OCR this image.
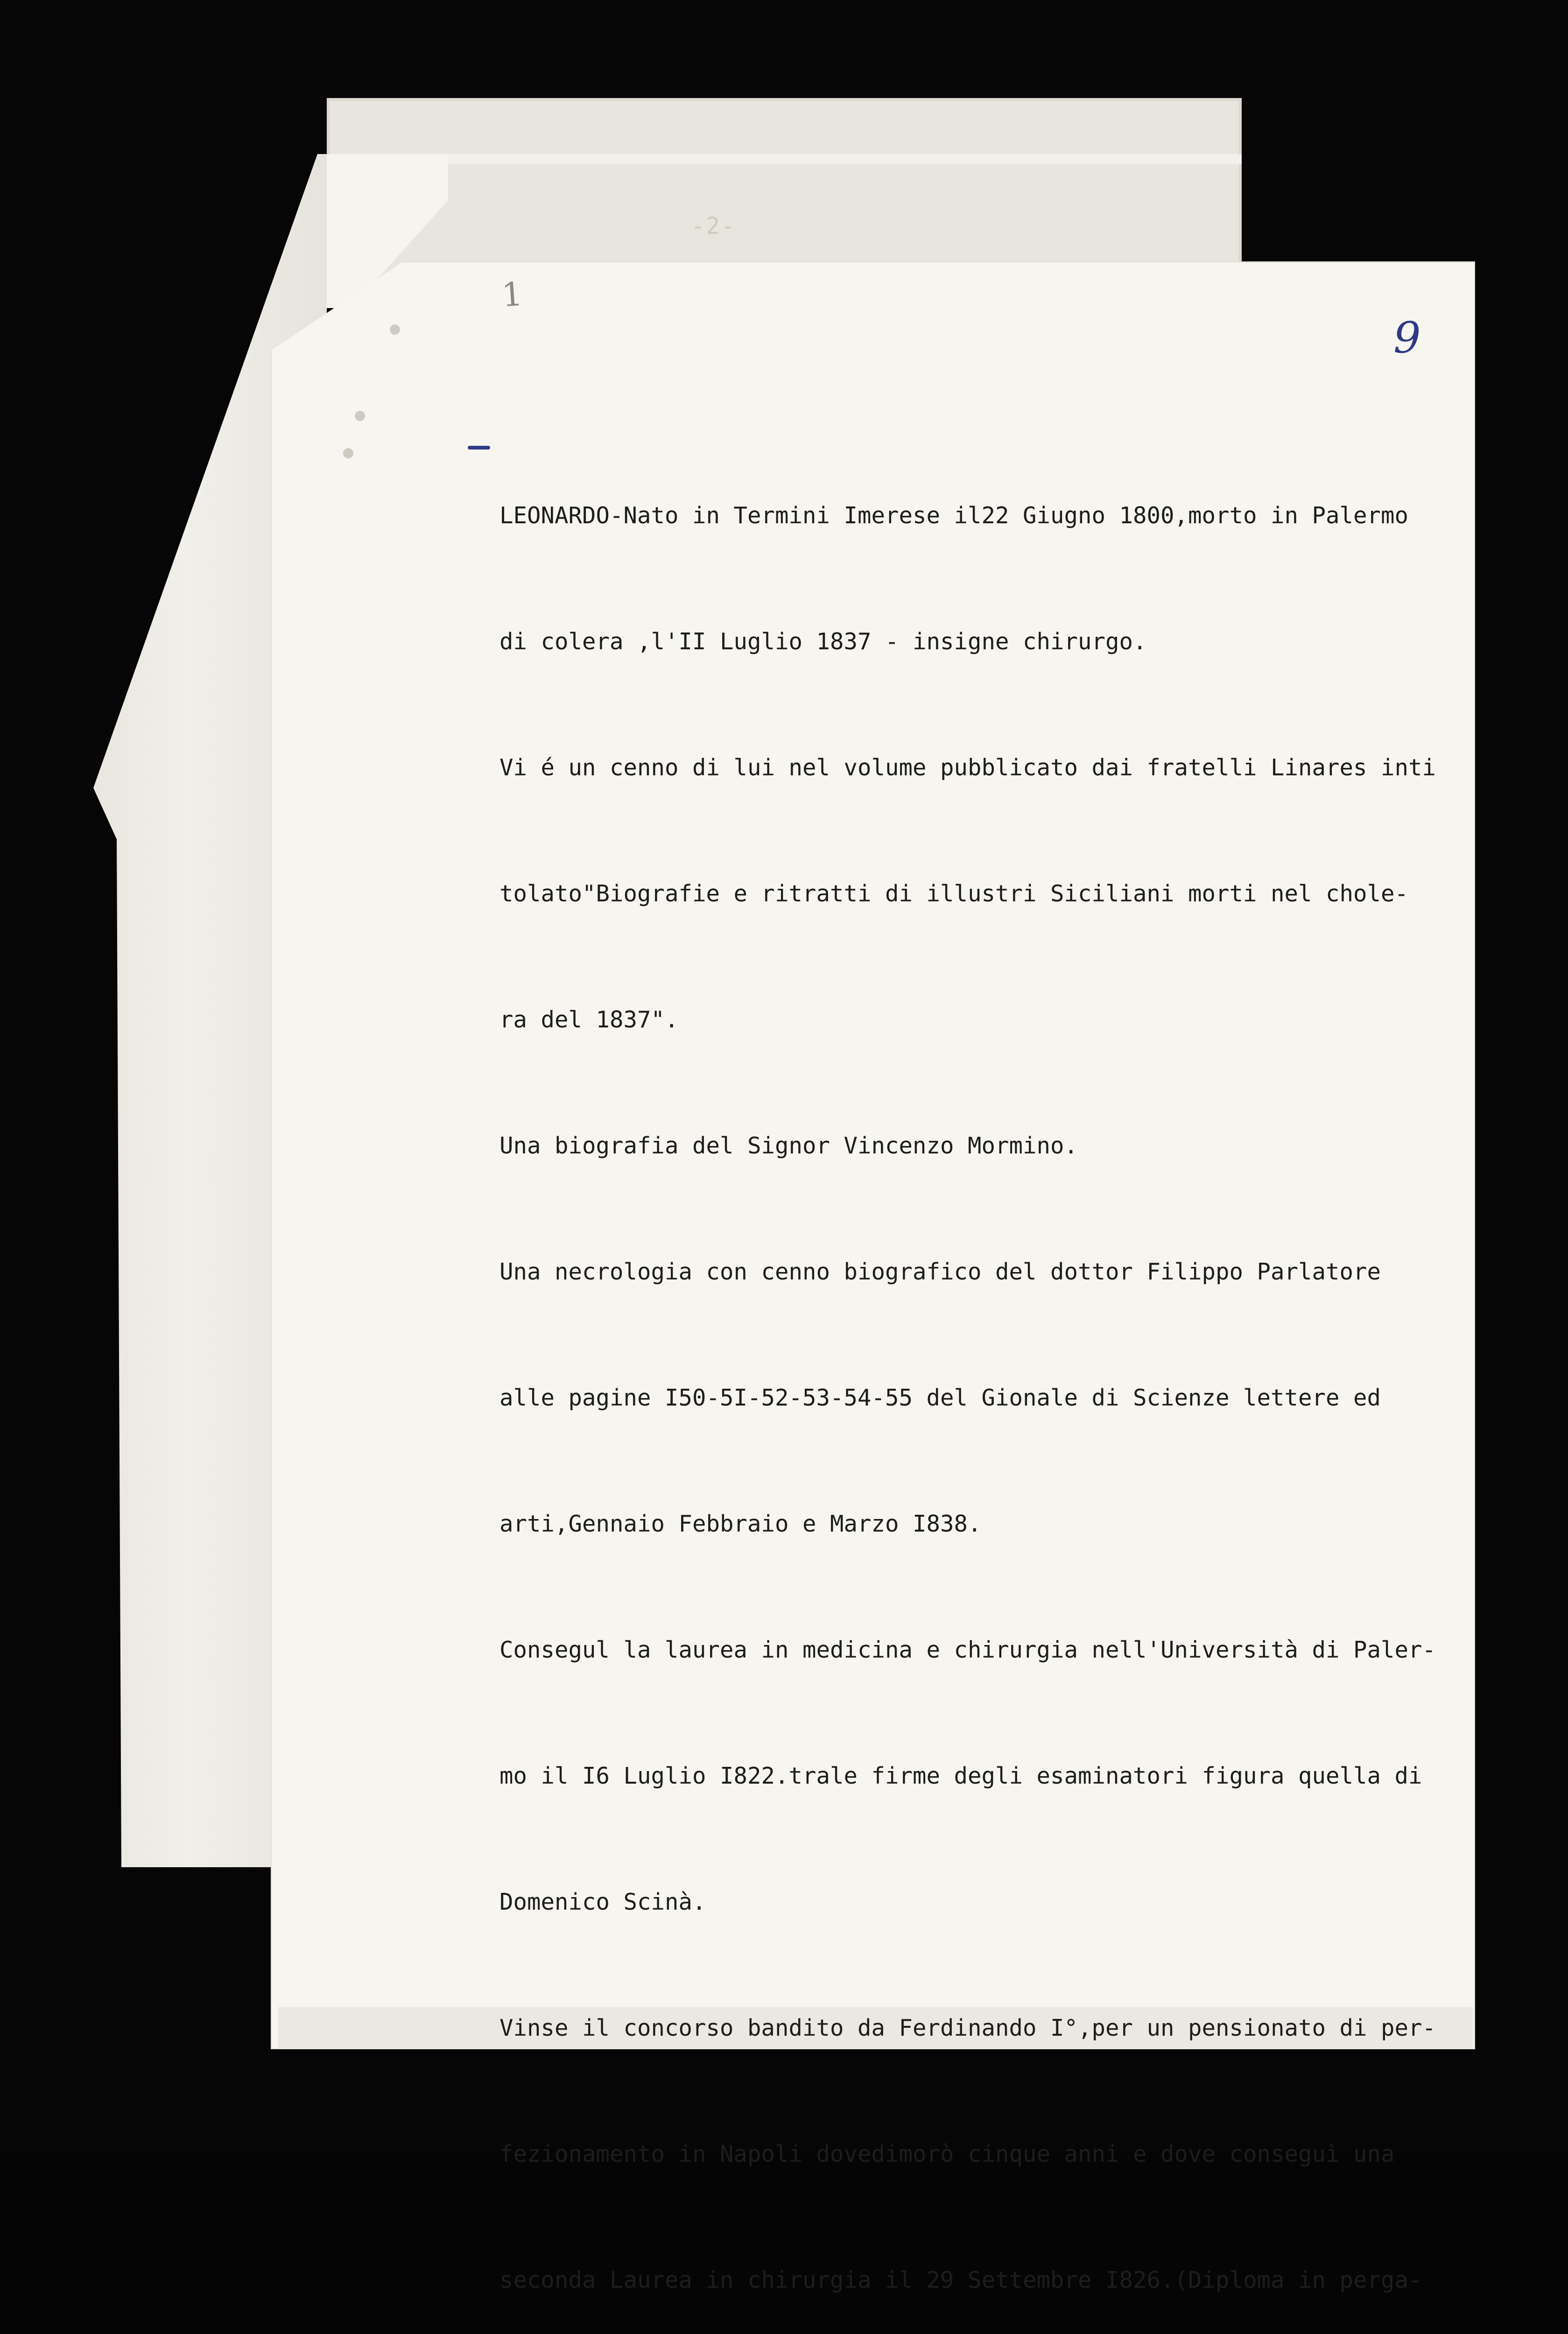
-2-
1
9

LEONARDO-Nato in Termini Imerese il22 Giugno 1800,morto in Palermo

di colera ,l'II Luglio 1837 - insigne chirurgo.

Vi é un cenno di lui nel volume pubblicato dai fratelli Linares inti

tolato"Biografie e ritratti di illustri Siciliani morti nel chole-

ra del 1837".

Una biografia del Signor Vincenzo Mormino.

Una necrologia con cenno biografico del dottor Filippo Parlatore

alle pagine I50-5I-52-53-54-55 del Gionale di Scienze lettere ed

arti,Gennaio Febbraio e Marzo I838.

Consegul la laurea in medicina e chirurgia nell'Università di Paler-

mo il I6 Luglio I822.trale firme degli esaminatori figura quella di

Domenico Scinà.

Vinse il concorso bandito da Ferdinando I°,per un pensionato di per-

fezionamento in Napoli dovedimorò cinque anni e dove conseguì una

seconda Laurea in chirurgia il 29 Settembre I826.(Diploma in perga-
